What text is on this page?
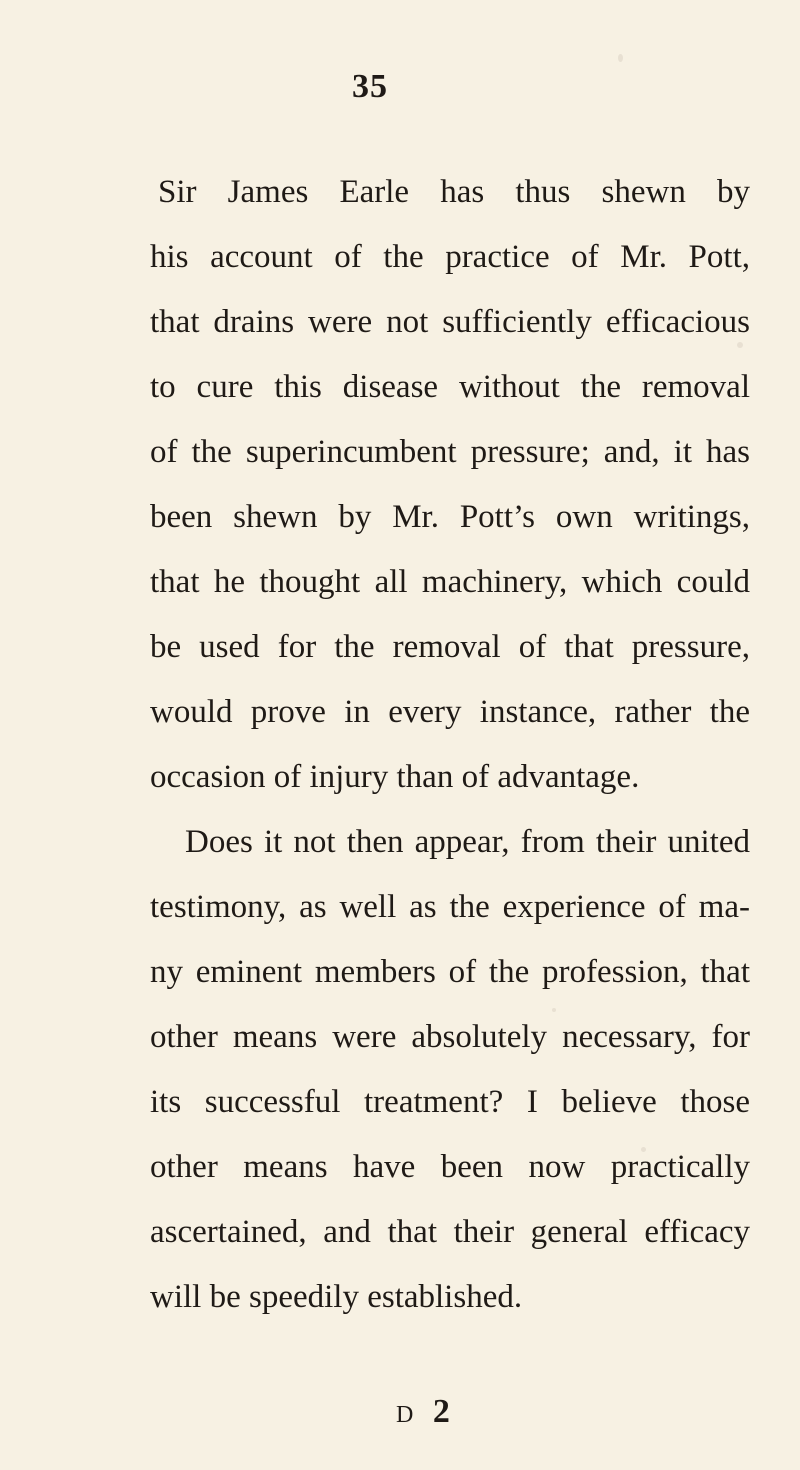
35
Sir James Earle has thus shewn by
his account of the practice of Mr. Pott,
that drains were not sufficiently efficacious
to cure this disease without the removal
of the superincumbent pressure; and, it has
been shewn by Mr. Pott’s own writings,
that he thought all machinery, which could
be used for the removal of that pressure,
would prove in every instance, rather the
occasion of injury than of advantage.
Does it not then appear, from their united
testimony, as well as the experience of ma-
ny eminent members of the profession, that
other means were absolutely necessary, for
its successful treatment? I believe those
other means have been now practically
ascertained, and that their general efficacy
will be speedily established.
D 2
